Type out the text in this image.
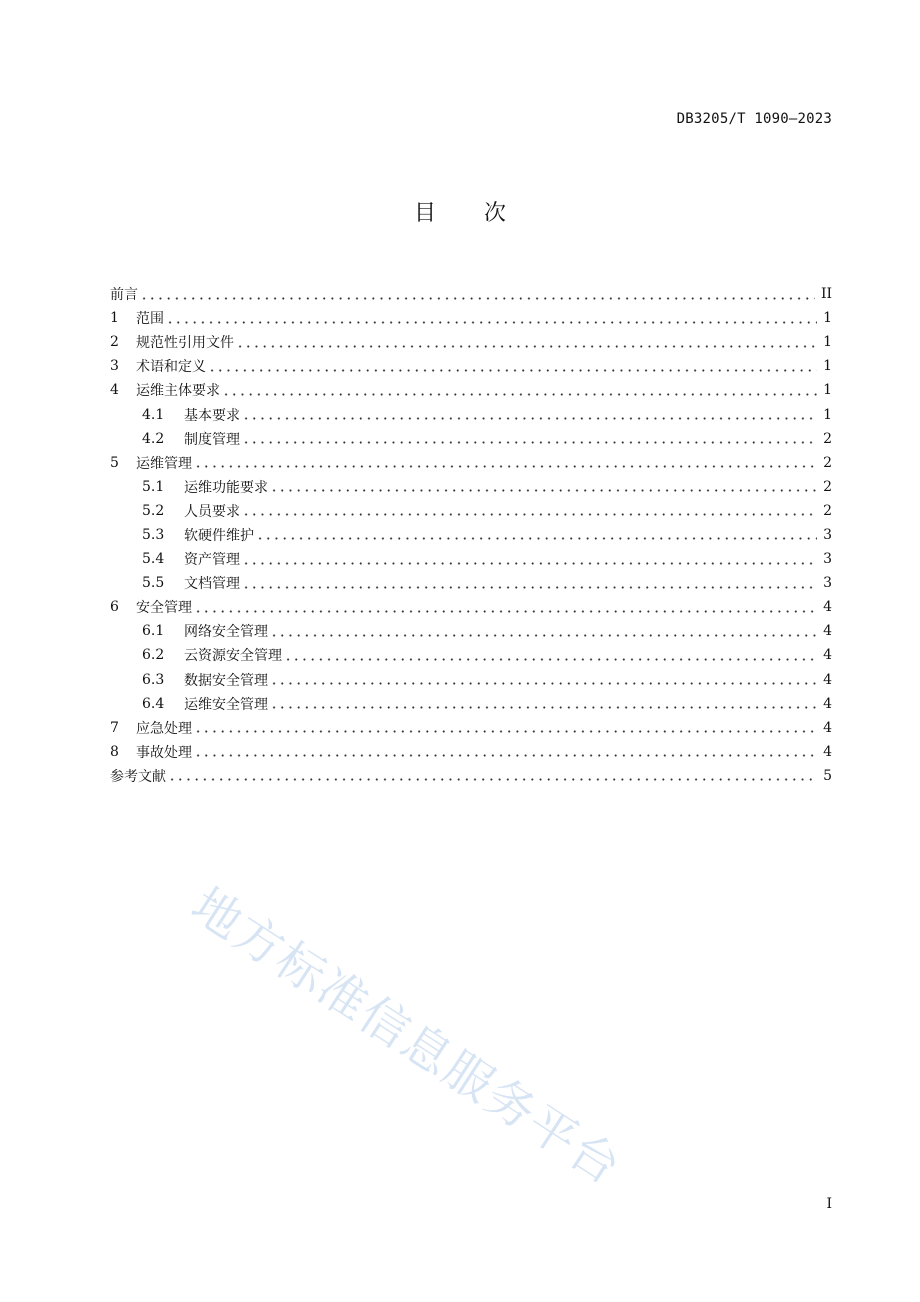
DB3205/T 1090—2023
目次
前言	II
1	范围	1
2	规范性引用文件	1
3	术语和定义	1
4	运维主体要求	1
4.1	基本要求	1
4.2	制度管理	2
5	运维管理	2
5.1	运维功能要求	2
5.2	人员要求	2
5.3	软硬件维护	3
5.4	资产管理	3
5.5	文档管理	3
6	安全管理	4
6.1	网络安全管理	4
6.2	云资源安全管理	4
6.3	数据安全管理	4
6.4	运维安全管理	4
7	应急处理	4
8	事故处理	4
参考文献	5
I
地方标准信息服务平台
